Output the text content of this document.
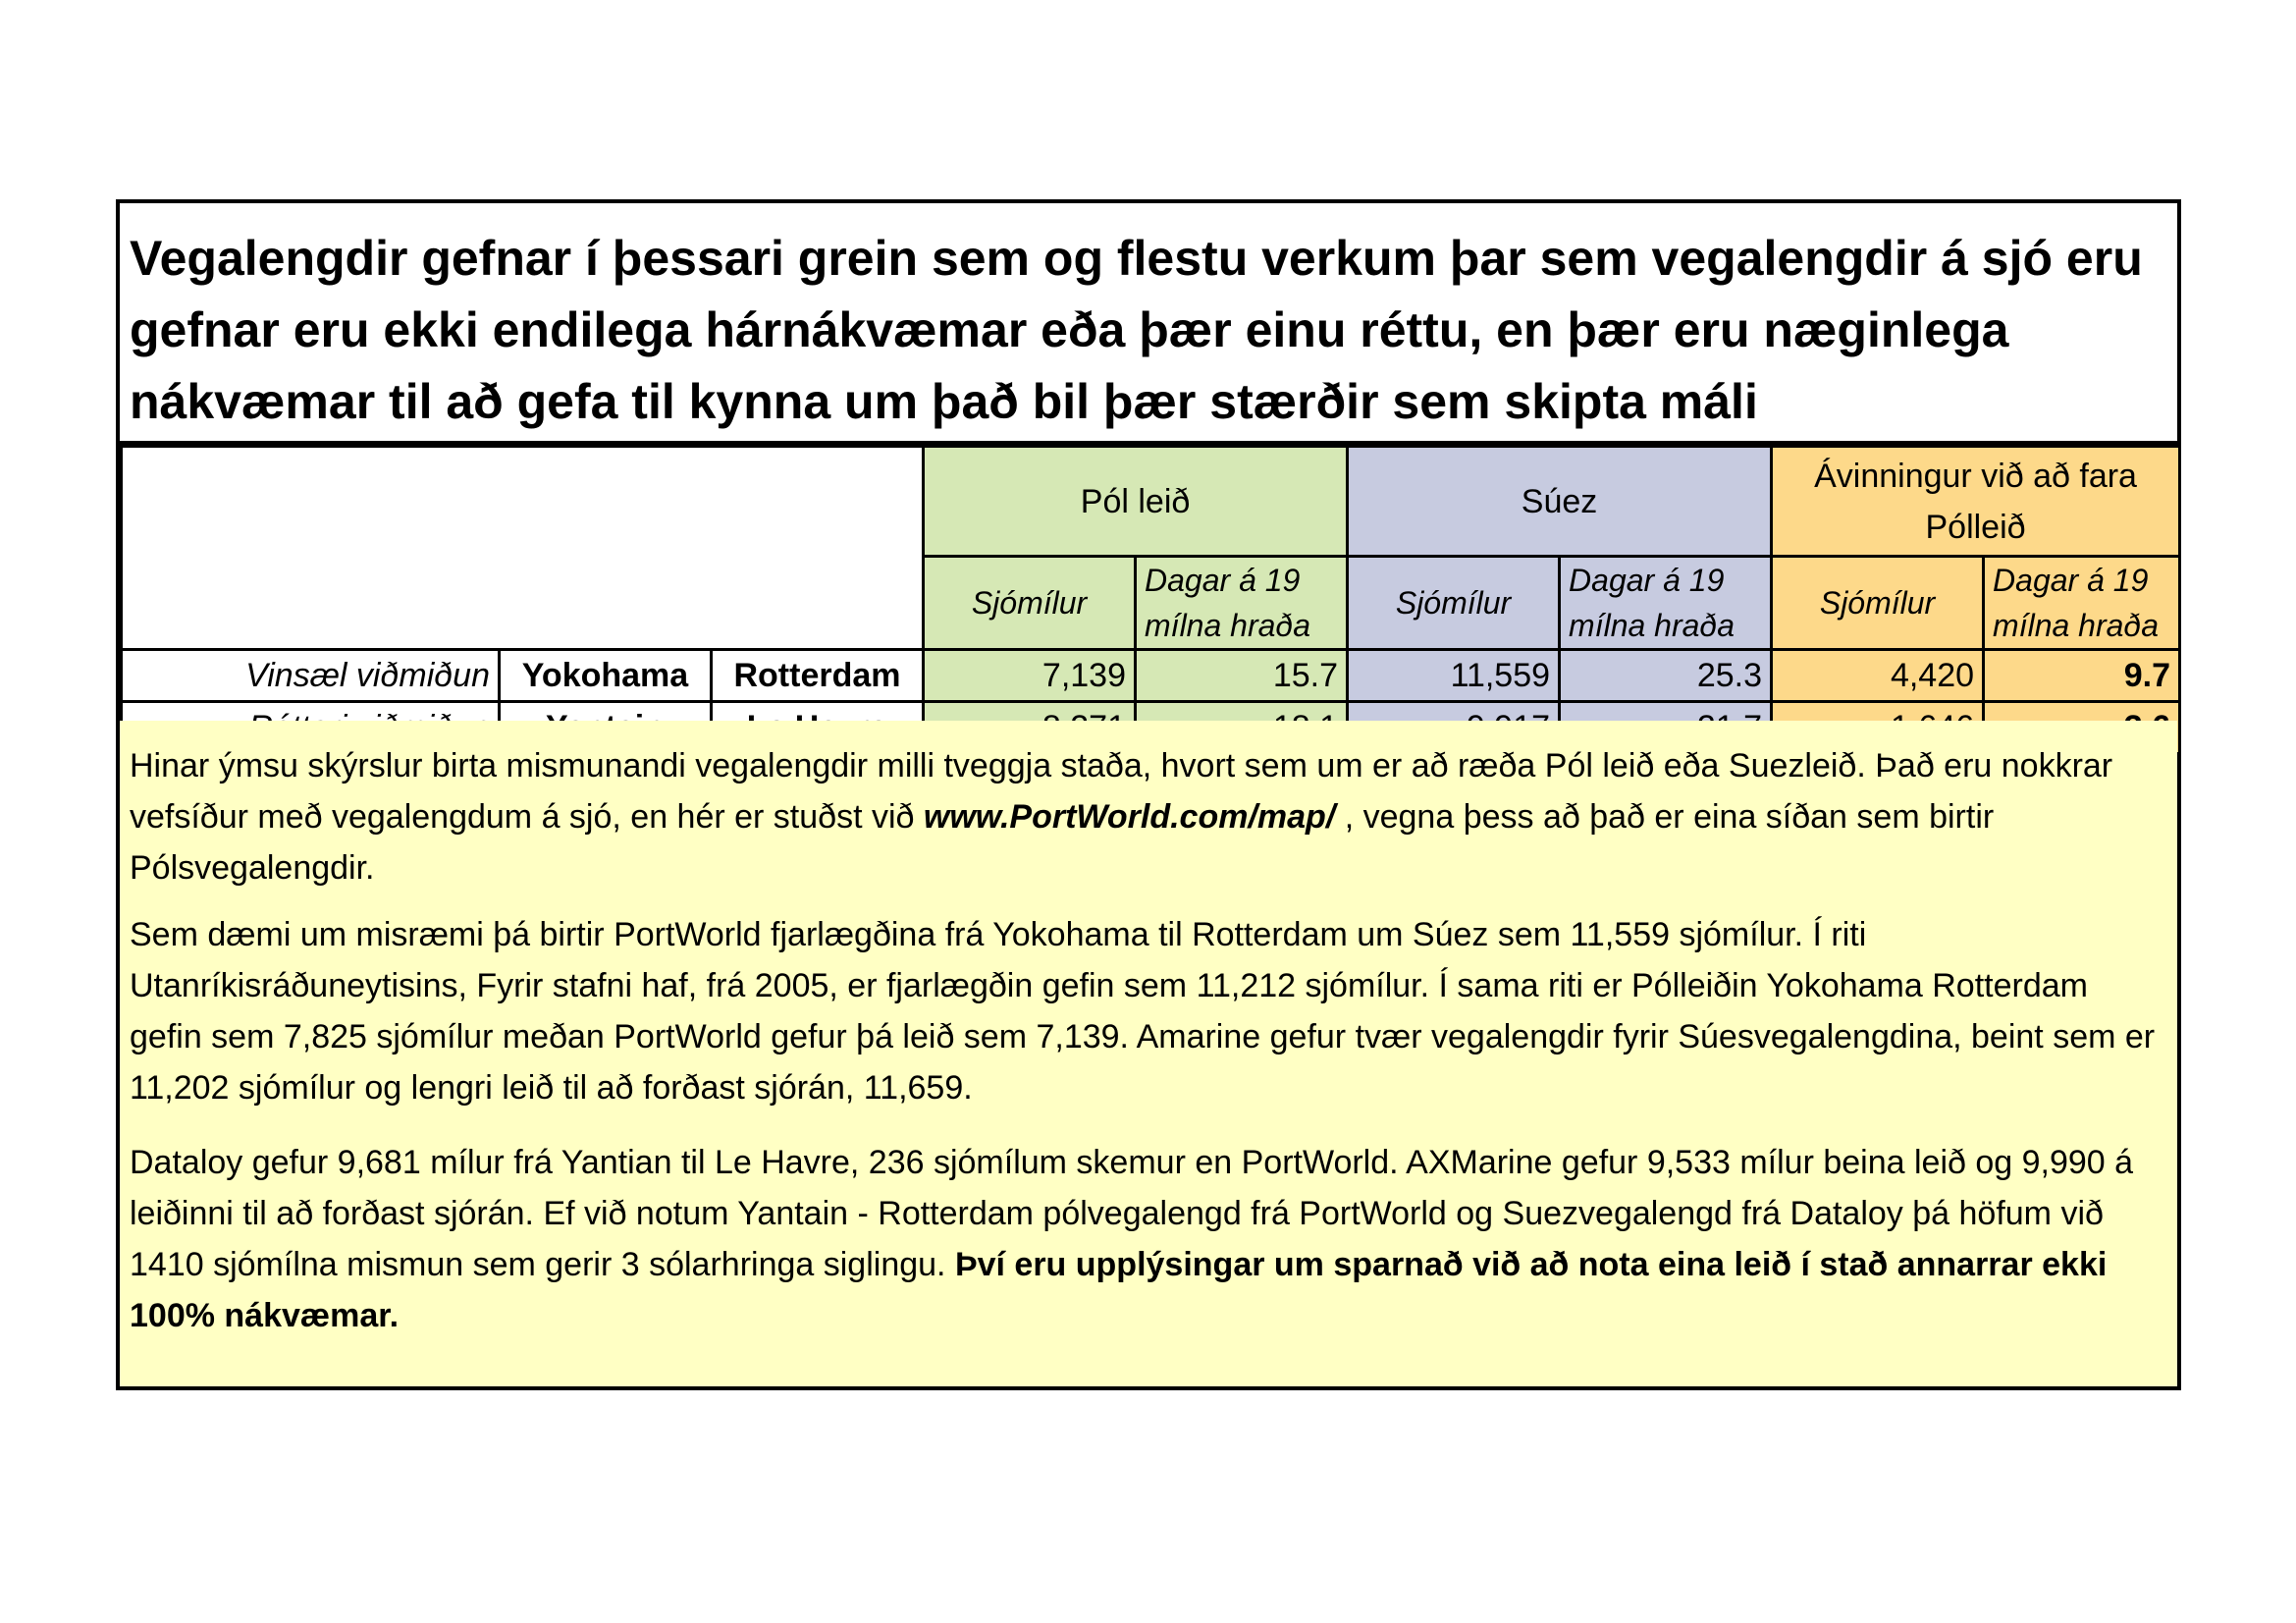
Vegalengdir gefnar í þessari grein sem og flestu verkum þar sem vegalengdir á sjó eru gefnar eru ekki endilega hárnákvæmar eða þær einu réttu, en þær eru næginlega nákvæmar til að gefa til kynna um það bil þær stærðir sem skipta máli
			Pól leið		Súez		Ávinningur við að fara Pólleið	
			Sjómílur	Dagar á 19 mílna hraða	Sjómílur	Dagar á 19 mílna hraða	Sjómílur	Dagar á 19 mílna hraða
Vinsæl viðmiðun	Yokohama	Rotterdam	7,139	15.7	11,559	25.3	4,420	9.7

Hinar ýmsu skýrslur birta mismunandi vegalengdir milli tveggja staða, hvort sem um er að ræða Pól leið eða Suezleið. Það eru nokkrar vefsíður með vegalengdum á sjó, en hér er stuðst við www.PortWorld.com/map/ , vegna þess að það er eina síðan sem birtir Pólsvegalengdir.

Sem dæmi um misræmi þá birtir PortWorld fjarlægðina frá Yokohama til Rotterdam um Súez sem 11,559 sjómílur. Í riti Utanríkisráðuneytisins, Fyrir stafni haf, frá 2005, er fjarlægðin gefin sem 11,212 sjómílur. Í sama riti er Pólleiðin Yokohama Rotterdam gefin sem 7,825 sjómílur meðan PortWorld gefur þá leið sem 7,139. Amarine gefur tvær vegalengdir fyrir Súesvegalengdina, beint sem er 11,202 sjómílur og lengri leið til að forðast sjórán, 11,659.

Dataloy gefur 9,681 mílur frá Yantian til Le Havre, 236 sjómílum skemur en PortWorld. AXMarine gefur 9,533 mílur beina leið og 9,990 á leiðinni til að forðast sjórán. Ef við notum Yantain - Rotterdam pólvegalengd frá PortWorld og Suezvegalengd frá Dataloy þá höfum við 1410 sjómílna mismun sem gerir 3 sólarhringa siglingu. Því eru upplýsingar um sparnað við að nota eina leið í stað annarrar ekki 100% nákvæmar.
